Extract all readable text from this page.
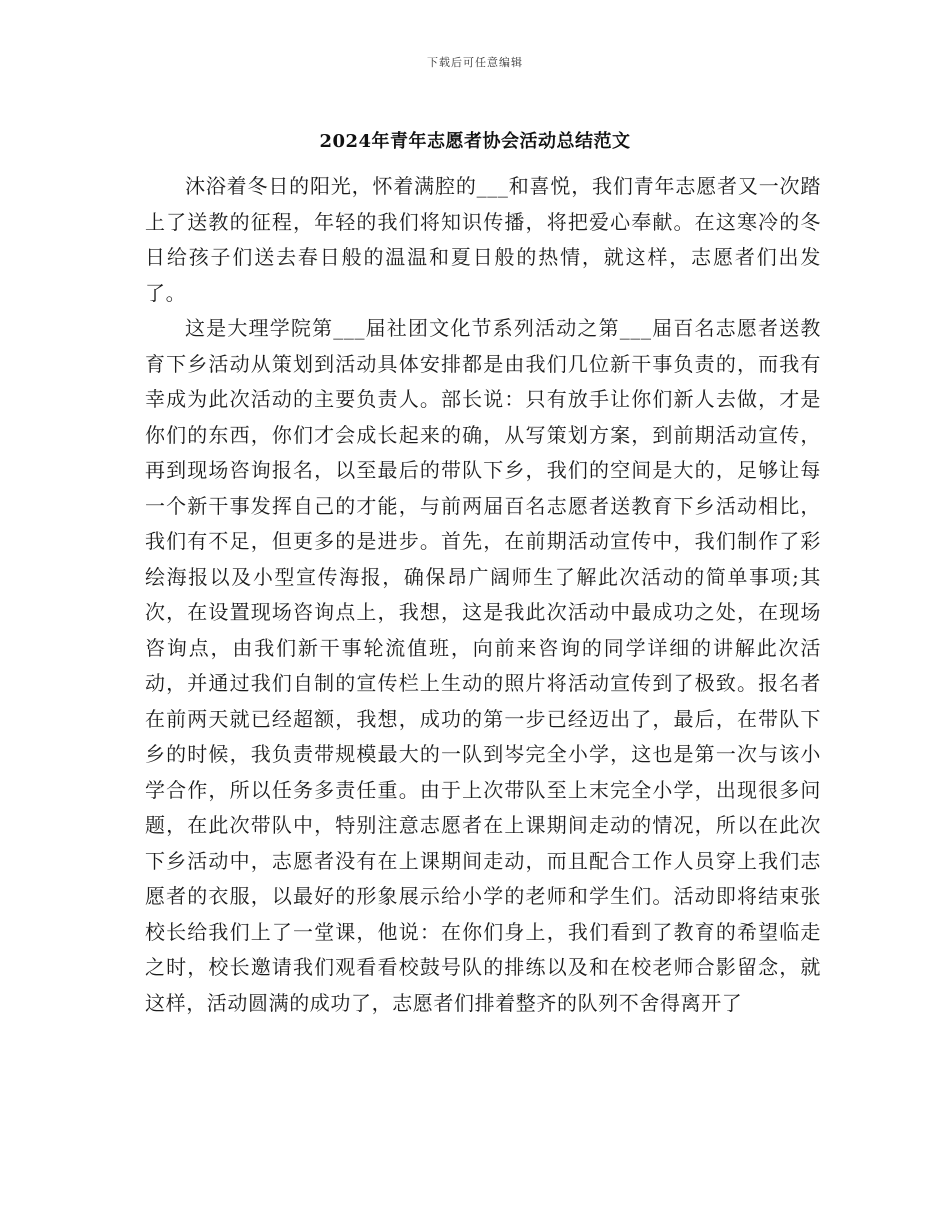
下载后可任意编辑
2024年青年志愿者协会活动总结范文

沐浴着冬日的阳光，怀着满腔的___和喜悦，我们青年志愿者又一次踏上了送教的征程，年轻的我们将知识传播，将把爱心奉献。在这寒冷的冬日给孩子们送去春日般的温温和夏日般的热情，就这样，志愿者们出发了。

这是大理学院第___届社团文化节系列活动之第___届百名志愿者送教育下乡活动从策划到活动具体安排都是由我们几位新干事负责的，而我有幸成为此次活动的主要负责人。部长说：只有放手让你们新人去做，才是你们的东西，你们才会成长起来的确，从写策划方案，到前期活动宣传，再到现场咨询报名，以至最后的带队下乡，我们的空间是大的，足够让每一个新干事发挥自己的才能，与前两届百名志愿者送教育下乡活动相比，我们有不足，但更多的是进步。首先，在前期活动宣传中，我们制作了彩绘海报以及小型宣传海报，确保昂广阔师生了解此次活动的简单事项;其次，在设置现场咨询点上，我想，这是我此次活动中最成功之处，在现场咨询点，由我们新干事轮流值班，向前来咨询的同学详细的讲解此次活动，并通过我们自制的宣传栏上生动的照片将活动宣传到了极致。报名者在前两天就已经超额，我想，成功的第一步已经迈出了，最后，在带队下乡的时候，我负责带规模最大的一队到岑完全小学，这也是第一次与该小学合作，所以任务多责任重。由于上次带队至上末完全小学，出现很多问题，在此次带队中，特别注意志愿者在上课期间走动的情况，所以在此次下乡活动中，志愿者没有在上课期间走动，而且配合工作人员穿上我们志愿者的衣服，以最好的形象展示给小学的老师和学生们。活动即将结束张校长给我们上了一堂课，他说：在你们身上，我们看到了教育的希望临走之时，校长邀请我们观看看校鼓号队的排练以及和在校老师合影留念，就这样，活动圆满的成功了，志愿者们排着整齐的队列不舍得离开了
